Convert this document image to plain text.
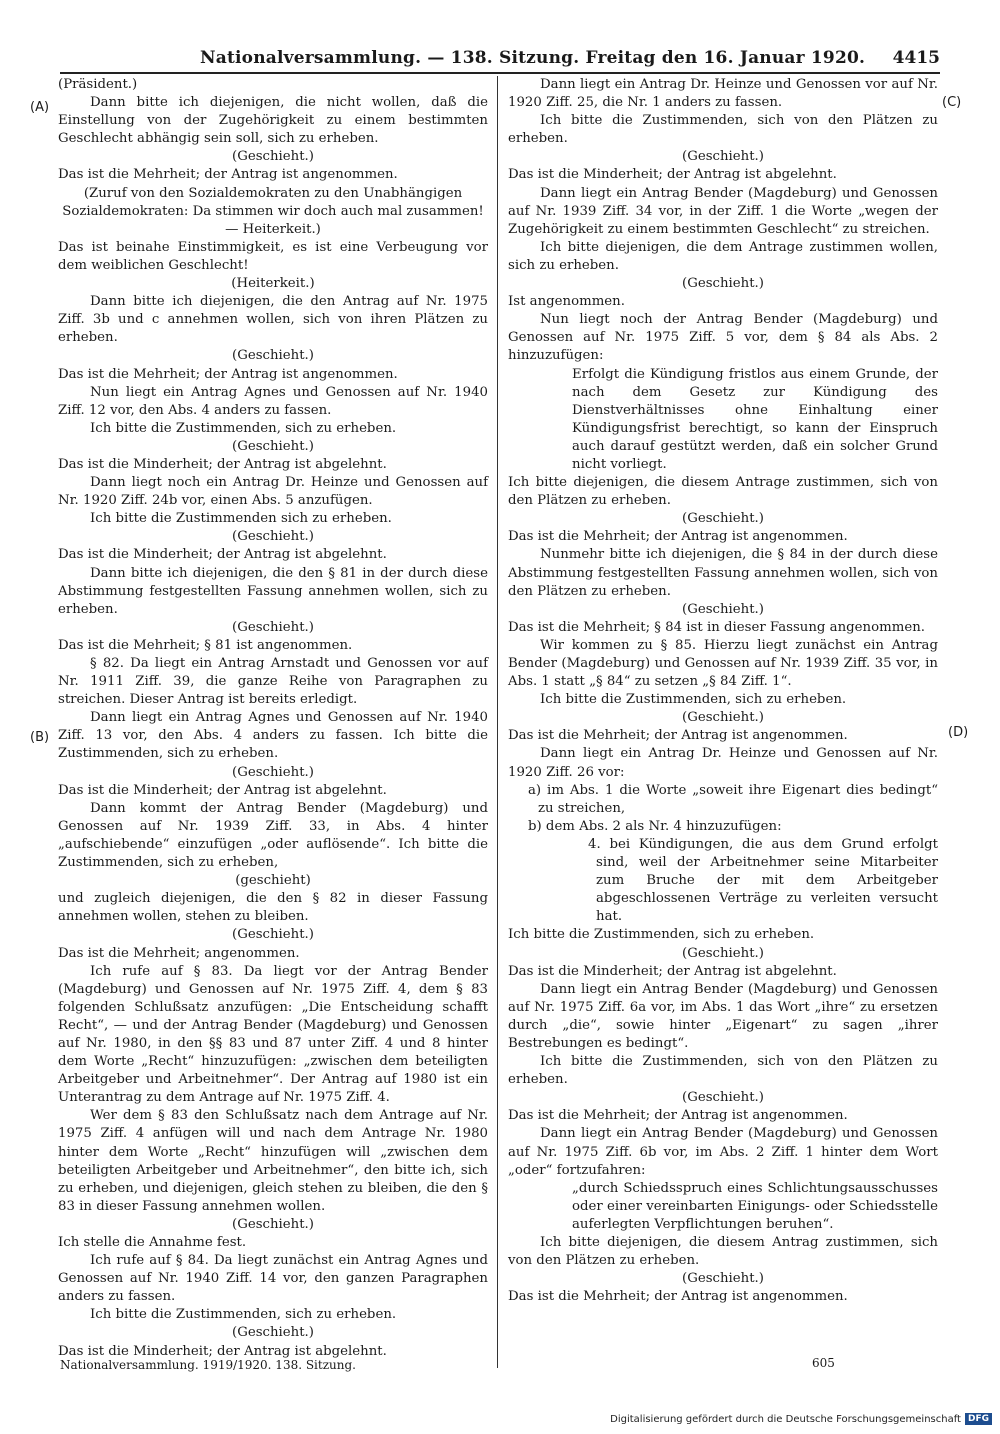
Nationalversammlung. — 138. Sitzung. Freitag den 16. Januar 1920. 4415
(A)
(B)
(C)
(D)

(Präsident.)

Dann bitte ich diejenigen, die nicht wollen, daß die Einstellung von der Zugehörigkeit zu einem bestimmten Geschlecht abhängig sein soll, sich zu erheben.

(Geschieht.)

Das ist die Mehrheit; der Antrag ist angenommen.

(Zuruf von den Sozialdemokraten zu den Unabhängigen Sozialdemokraten: Da stimmen wir doch auch mal zusammen! — Heiterkeit.)

Das ist beinahe Einstimmigkeit, es ist eine Verbeugung vor dem weiblichen Geschlecht!

(Heiterkeit.)

Dann bitte ich diejenigen, die den Antrag auf Nr. 1975 Ziff. 3b und c annehmen wollen, sich von ihren Plätzen zu erheben.

(Geschieht.)

Das ist die Mehrheit; der Antrag ist angenommen.

Nun liegt ein Antrag Agnes und Genossen auf Nr. 1940 Ziff. 12 vor, den Abs. 4 anders zu fassen.

Ich bitte die Zustimmenden, sich zu erheben.

(Geschieht.)

Das ist die Minderheit; der Antrag ist abgelehnt.

Dann liegt noch ein Antrag Dr. Heinze und Genossen auf Nr. 1920 Ziff. 24b vor, einen Abs. 5 anzufügen.

Ich bitte die Zustimmenden sich zu erheben.

(Geschieht.)

Das ist die Minderheit; der Antrag ist abgelehnt.

Dann bitte ich diejenigen, die den § 81 in der durch diese Abstimmung festgestellten Fassung annehmen wollen, sich zu erheben.

(Geschieht.)

Das ist die Mehrheit; § 81 ist angenommen.

§ 82. Da liegt ein Antrag Arnstadt und Genossen vor auf Nr. 1911 Ziff. 39, die ganze Reihe von Paragraphen zu streichen. Dieser Antrag ist bereits erledigt.

Dann liegt ein Antrag Agnes und Genossen auf Nr. 1940 Ziff. 13 vor, den Abs. 4 anders zu fassen. Ich bitte die Zustimmenden, sich zu erheben.

(Geschieht.)

Das ist die Minderheit; der Antrag ist abgelehnt.

Dann kommt der Antrag Bender (Magdeburg) und Genossen auf Nr. 1939 Ziff. 33, in Abs. 4 hinter „aufschiebende“ einzufügen „oder auflösende“. Ich bitte die Zustimmenden, sich zu erheben,

(geschieht)

und zugleich diejenigen, die den § 82 in dieser Fassung annehmen wollen, stehen zu bleiben.

(Geschieht.)

Das ist die Mehrheit; angenommen.

Ich rufe auf § 83. Da liegt vor der Antrag Bender (Magdeburg) und Genossen auf Nr. 1975 Ziff. 4, dem § 83 folgenden Schlußsatz anzufügen: „Die Entscheidung schafft Recht“, — und der Antrag Bender (Magdeburg) und Genossen auf Nr. 1980, in den §§ 83 und 87 unter Ziff. 4 und 8 hinter dem Worte „Recht“ hinzuzufügen: „zwischen dem beteiligten Arbeitgeber und Arbeitnehmer“. Der Antrag auf 1980 ist ein Unterantrag zu dem Antrage auf Nr. 1975 Ziff. 4.

Wer dem § 83 den Schlußsatz nach dem Antrage auf Nr. 1975 Ziff. 4 anfügen will und nach dem Antrage Nr. 1980 hinter dem Worte „Recht“ hinzufügen will „zwischen dem beteiligten Arbeitgeber und Arbeitnehmer“, den bitte ich, sich zu erheben, und diejenigen, gleich stehen zu bleiben, die den § 83 in dieser Fassung annehmen wollen.

(Geschieht.)

Ich stelle die Annahme fest.

Ich rufe auf § 84. Da liegt zunächst ein Antrag Agnes und Genossen auf Nr. 1940 Ziff. 14 vor, den ganzen Paragraphen anders zu fassen.

Ich bitte die Zustimmenden, sich zu erheben.

(Geschieht.)

Das ist die Minderheit; der Antrag ist abgelehnt.

Dann liegt ein Antrag Dr. Heinze und Genossen vor auf Nr. 1920 Ziff. 25, die Nr. 1 anders zu fassen.

Ich bitte die Zustimmenden, sich von den Plätzen zu erheben.

(Geschieht.)

Das ist die Minderheit; der Antrag ist abgelehnt.

Dann liegt ein Antrag Bender (Magdeburg) und Genossen auf Nr. 1939 Ziff. 34 vor, in der Ziff. 1 die Worte „wegen der Zugehörigkeit zu einem bestimmten Geschlecht“ zu streichen.

Ich bitte diejenigen, die dem Antrage zustimmen wollen, sich zu erheben.

(Geschieht.)

Ist angenommen.

Nun liegt noch der Antrag Bender (Magdeburg) und Genossen auf Nr. 1975 Ziff. 5 vor, dem § 84 als Abs. 2 hinzuzufügen:

Erfolgt die Kündigung fristlos aus einem Grunde, der nach dem Gesetz zur Kündigung des Dienstverhältnisses ohne Einhaltung einer Kündigungsfrist berechtigt, so kann der Einspruch auch darauf gestützt werden, daß ein solcher Grund nicht vorliegt.

Ich bitte diejenigen, die diesem Antrage zustimmen, sich von den Plätzen zu erheben.

(Geschieht.)

Das ist die Mehrheit; der Antrag ist angenommen.

Nunmehr bitte ich diejenigen, die § 84 in der durch diese Abstimmung festgestellten Fassung annehmen wollen, sich von den Plätzen zu erheben.

(Geschieht.)

Das ist die Mehrheit; § 84 ist in dieser Fassung angenommen.

Wir kommen zu § 85. Hierzu liegt zunächst ein Antrag Bender (Magdeburg) und Genossen auf Nr. 1939 Ziff. 35 vor, in Abs. 1 statt „§ 84“ zu setzen „§ 84 Ziff. 1“.

Ich bitte die Zustimmenden, sich zu erheben.

(Geschieht.)

Das ist die Mehrheit; der Antrag ist angenommen.

Dann liegt ein Antrag Dr. Heinze und Genossen auf Nr. 1920 Ziff. 26 vor:

a) im Abs. 1 die Worte „soweit ihre Eigenart dies bedingt“ zu streichen,

b) dem Abs. 2 als Nr. 4 hinzuzufügen:

4. bei Kündigungen, die aus dem Grund erfolgt sind, weil der Arbeitnehmer seine Mitarbeiter zum Bruche der mit dem Arbeitgeber abgeschlossenen Verträge zu verleiten versucht hat.

Ich bitte die Zustimmenden, sich zu erheben.

(Geschieht.)

Das ist die Minderheit; der Antrag ist abgelehnt.

Dann liegt ein Antrag Bender (Magdeburg) und Genossen auf Nr. 1975 Ziff. 6a vor, im Abs. 1 das Wort „ihre“ zu ersetzen durch „die“, sowie hinter „Eigenart“ zu sagen „ihrer Bestrebungen es bedingt“.

Ich bitte die Zustimmenden, sich von den Plätzen zu erheben.

(Geschieht.)

Das ist die Mehrheit; der Antrag ist angenommen.

Dann liegt ein Antrag Bender (Magdeburg) und Genossen auf Nr. 1975 Ziff. 6b vor, im Abs. 2 Ziff. 1 hinter dem Wort „oder“ fortzufahren:

„durch Schiedsspruch eines Schlichtungsausschusses oder einer vereinbarten Einigungs- oder Schiedsstelle auferlegten Verpflichtungen beruhen“.

Ich bitte diejenigen, die diesem Antrag zustimmen, sich von den Plätzen zu erheben.

(Geschieht.)

Das ist die Mehrheit; der Antrag ist angenommen.

Nationalversammlung. 1919/1920. 138. Sitzung.	605
Digitalisierung gefördert durch die Deutsche Forschungsgemeinschaft DFG
